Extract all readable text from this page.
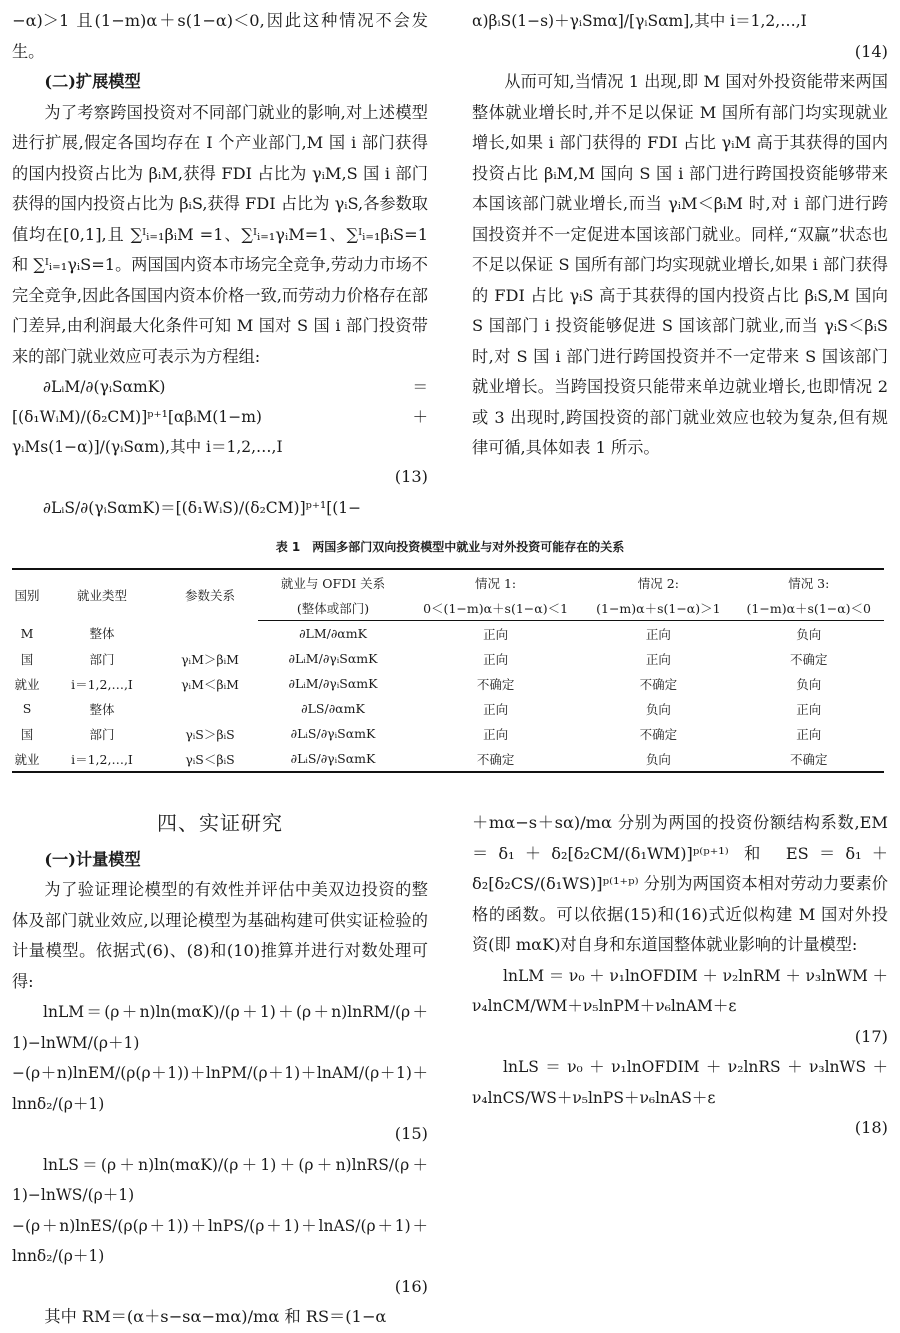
−α)＞1 且(1−m)α＋s(1−α)＜0,因此这种情况不会发生。

(二)扩展模型

为了考察跨国投资对不同部门就业的影响,对上述模型进行扩展,假定各国均存在 I 个产业部门,M 国 i 部门获得的国内投资占比为 βᵢM,获得 FDI 占比为 γᵢM,S 国 i 部门获得的国内投资占比为 βᵢS,获得 FDI 占比为 γᵢS,各参数取值均在[0,1],且 ∑ᴵᵢ₌₁βᵢM =1、∑ᴵᵢ₌₁γᵢM=1、∑ᴵᵢ₌₁βᵢS=1 和 ∑ᴵᵢ₌₁γᵢS=1。两国国内资本市场完全竞争,劳动力市场不完全竞争,因此各国国内资本价格一致,而劳动力价格存在部门差异,由利润最大化条件可知 M 国对 S 国 i 部门投资带来的部门就业效应可表示为方程组:

∂LᵢM/∂(γᵢSαmK)＝[(δ₁WᵢM)/(δ₂CM)]ᵖ⁺¹[αβᵢM(1−m)＋γᵢMs(1−α)]/(γᵢSαm),其中 i＝1,2,…,I

(13)

∂LᵢS/∂(γᵢSαmK)＝[(δ₁WᵢS)/(δ₂CM)]ᵖ⁺¹[(1−

α)βᵢS(1−s)＋γᵢSmα]/[γᵢSαm],其中 i＝1,2,…,I

(14)

从而可知,当情况 1 出现,即 M 国对外投资能带来两国整体就业增长时,并不足以保证 M 国所有部门均实现就业增长,如果 i 部门获得的 FDI 占比 γᵢM 高于其获得的国内投资占比 βᵢM,M 国向 S 国 i 部门进行跨国投资能够带来本国该部门就业增长,而当 γᵢM＜βᵢM 时,对 i 部门进行跨国投资并不一定促进本国该部门就业。同样,“双赢”状态也不足以保证 S 国所有部门均实现就业增长,如果 i 部门获得的 FDI 占比 γᵢS 高于其获得的国内投资占比 βᵢS,M 国向 S 国部门 i 投资能够促进 S 国该部门就业,而当 γᵢS＜βᵢS 时,对 S 国 i 部门进行跨国投资并不一定带来 S 国该部门就业增长。当跨国投资只能带来单边就业增长,也即情况 2 或 3 出现时,跨国投资的部门就业效应也较为复杂,但有规律可循,具体如表 1 所示。

表 1　两国多部门双向投资模型中就业与对外投资可能存在的关系
国别	就业类型	参数关系	就业与 OFDI 关系	情况 1:	情况 2:	情况 3:
			(整体或部门)	0＜(1−m)α＋s(1−α)＜1	(1−m)α＋s(1−α)＞1	(1−m)α＋s(1−α)＜0
M	整体		∂LM/∂αmK	正向	正向	负向
国	部门	γᵢM＞βᵢM	∂LᵢM/∂γᵢSαmK	正向	正向	不确定
就业	i＝1,2,…,I	γᵢM＜βᵢM	∂LᵢM/∂γᵢSαmK	不确定	不确定	负向
S	整体		∂LS/∂αmK	正向	负向	正向
国	部门	γᵢS＞βᵢS	∂LᵢS/∂γᵢSαmK	正向	不确定	正向
就业	i＝1,2,…,I	γᵢS＜βᵢS	∂LᵢS/∂γᵢSαmK	不确定	负向	不确定

四、实证研究

(一)计量模型

为了验证理论模型的有效性并评估中美双边投资的整体及部门就业效应,以理论模型为基础构建可供实证检验的计量模型。依据式(6)、(8)和(10)推算并进行对数处理可得:

lnLM＝(ρ＋n)ln(mαK)/(ρ＋1)＋(ρ＋n)lnRM/(ρ＋1)−lnWM/(ρ＋1)

−(ρ＋n)lnEM/(ρ(ρ＋1))＋lnPM/(ρ＋1)＋lnAM/(ρ＋1)＋lnnδ₂/(ρ＋1)

(15)

lnLS＝(ρ＋n)ln(mαK)/(ρ＋1)＋(ρ＋n)lnRS/(ρ＋1)−lnWS/(ρ＋1)

−(ρ＋n)lnES/(ρ(ρ＋1))＋lnPS/(ρ＋1)＋lnAS/(ρ＋1)＋lnnδ₂/(ρ＋1)

(16)

其中 RM＝(α＋s−sα−mα)/mα 和 RS＝(1−α

＋mα−s＋sα)/mα 分别为两国的投资份额结构系数,EM＝δ₁＋δ₂[δ₂CM/(δ₁WM)]ᵖ⁽ᵖ⁺¹⁾ 和 ES＝δ₁＋δ₂[δ₂CS/(δ₁WS)]ᵖ⁽¹⁺ᵖ⁾ 分别为两国资本相对劳动力要素价格的函数。可以依据(15)和(16)式近似构建 M 国对外投资(即 mαK)对自身和东道国整体就业影响的计量模型:

lnLM＝ν₀＋ν₁lnOFDIM＋ν₂lnRM＋ν₃lnWM＋ν₄lnCM/WM＋ν₅lnPM＋ν₆lnAM＋ε

(17)

lnLS＝ν₀＋ν₁lnOFDIM＋ν₂lnRS＋ν₃lnWS＋ν₄lnCS/WS＋ν₅lnPS＋ν₆lnAS＋ε

(18)
